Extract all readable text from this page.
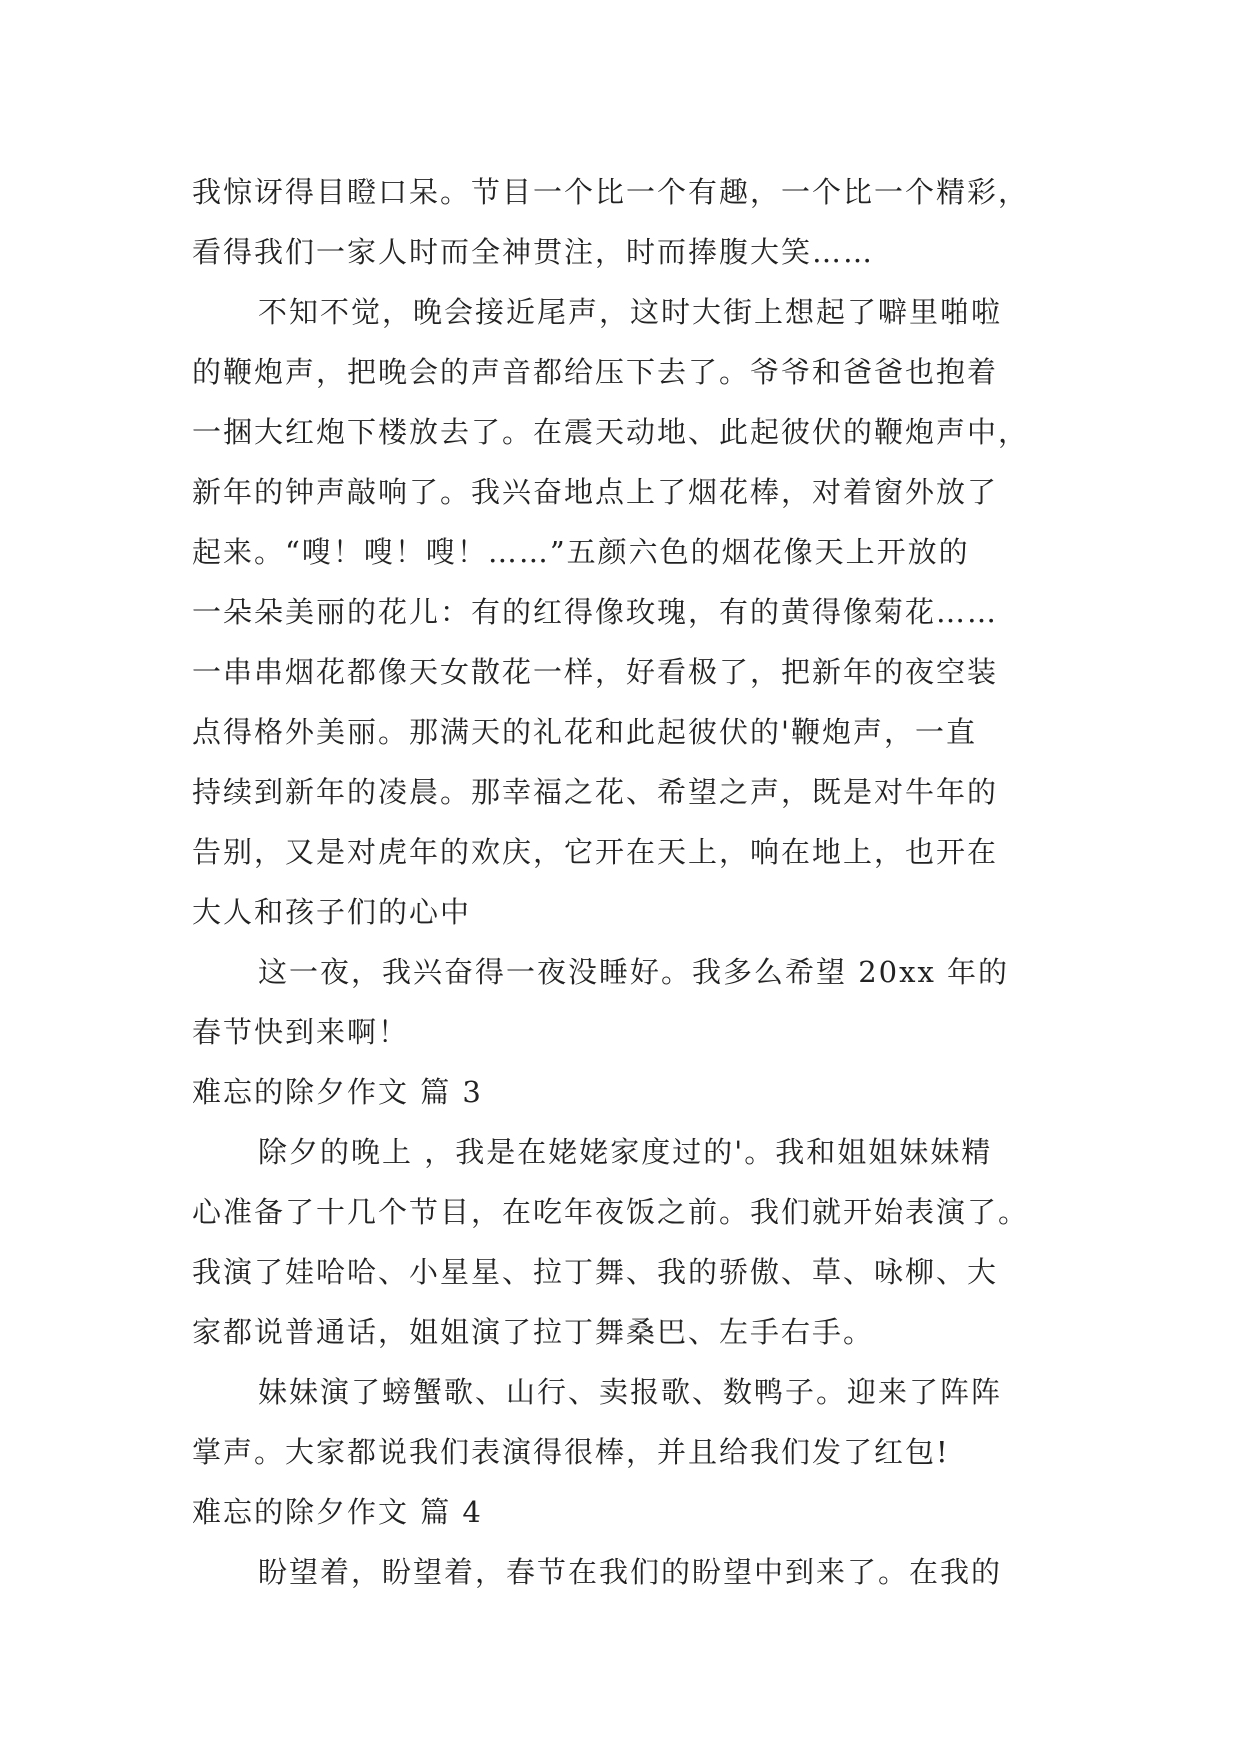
我惊讶得目瞪口呆。节目一个比一个有趣，一个比一个精彩，
看得我们一家人时而全神贯注，时而捧腹大笑……
不知不觉，晚会接近尾声，这时大街上想起了噼里啪啦
的鞭炮声，把晚会的声音都给压下去了。爷爷和爸爸也抱着
一捆大红炮下楼放去了。在震天动地、此起彼伏的鞭炮声中，
新年的钟声敲响了。我兴奋地点上了烟花棒，对着窗外放了
起来。“嗖！嗖！嗖！……”五颜六色的烟花像天上开放的
一朵朵美丽的花儿：有的红得像玫瑰，有的黄得像菊花……
一串串烟花都像天女散花一样，好看极了，把新年的夜空装
点得格外美丽。那满天的礼花和此起彼伏的'鞭炮声，一直
持续到新年的凌晨。那幸福之花、希望之声，既是对牛年的
告别，又是对虎年的欢庆，它开在天上，响在地上，也开在
大人和孩子们的心中
这一夜，我兴奋得一夜没睡好。我多么希望 20xx 年的
春节快到来啊！
难忘的除夕作文 篇 3
除夕的晚上 ，我是在姥姥家度过的'。我和姐姐妹妹精
心准备了十几个节目，在吃年夜饭之前。我们就开始表演了。
我演了娃哈哈、小星星、拉丁舞、我的骄傲、草、咏柳、大
家都说普通话，姐姐演了拉丁舞桑巴、左手右手。
妹妹演了螃蟹歌、山行、卖报歌、数鸭子。迎来了阵阵
掌声。大家都说我们表演得很棒，并且给我们发了红包!
难忘的除夕作文 篇 4
盼望着，盼望着，春节在我们的盼望中到来了。在我的
